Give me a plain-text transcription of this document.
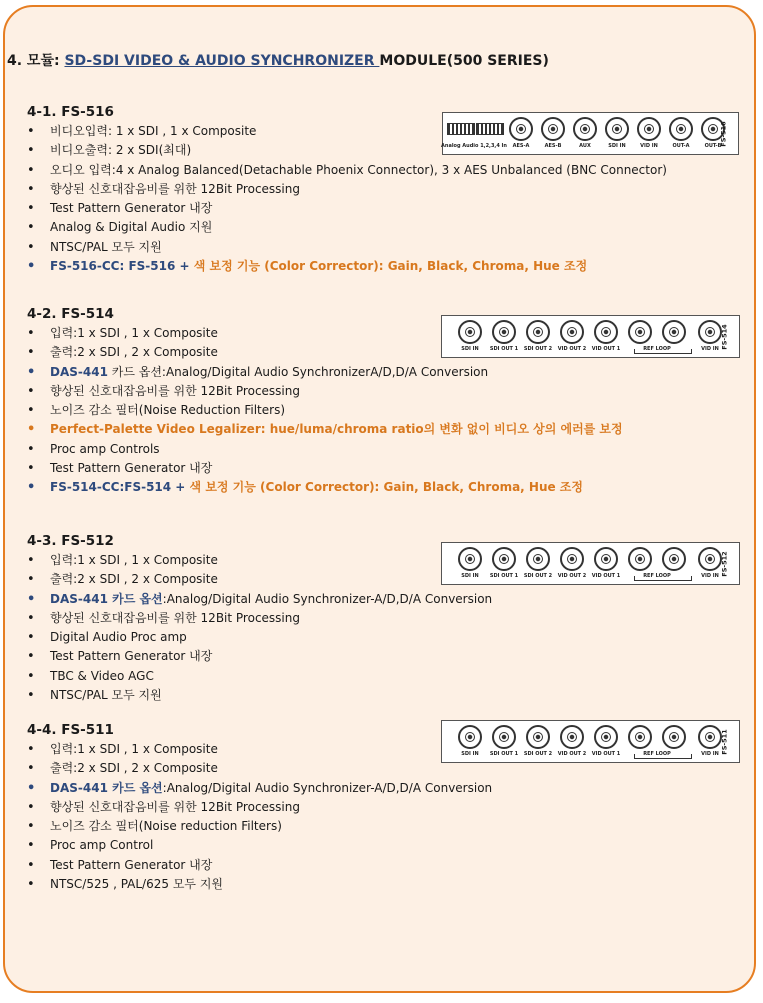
4. 모듈: SD-SDI VIDEO & AUDIO SYNCHRONIZER MODULE(500 SERIES)
4-1. FS-516
• 비디오입력: 1 x SDI , 1 x Composite
• 비디오출력: 2 x SDI(최대)
• 오디오 입력:4 x Analog Balanced(Detachable Phoenix Connector), 3 x AES Unbalanced (BNC Connector)
• 향상된 신호대잡음비를 위한 12Bit Processing
• Test Pattern Generator 내장
• Analog & Digital Audio 지원
• NTSC/PAL 모두 지원
• FS-516-CC: FS-516 + 색 보정 기능 (Color Corrector): Gain, Black, Chroma, Hue 조정
Analog Audio 1,2,3,4 In AES-A	AES-B	AUX	SDI IN	VID IN	OUT-A	OUT-B
FS-516
4-2. FS-514
• 입력:1 x SDI , 1 x Composite
• 출력:2 x SDI , 2 x Composite
• DAS-441 카드 옵션:Analog/Digital Audio SynchronizerA/D,D/A Conversion
• 향상된 신호대잡음비를 위한 12Bit Processing
• 노이즈 감소 필터(Noise Reduction Filters)
• Perfect-Palette Video Legalizer: hue/luma/chroma ratio의 변화 없이 비디오 상의 에러를 보정
• Proc amp Controls
• Test Pattern Generator 내장
• FS-514-CC:FS-514 + 색 보정 기능 (Color Corrector): Gain, Black, Chroma, Hue 조정
SDI IN SDI OUT 1 SDI OUT 2 VID OUT 2 VID OUT 1	REF LOOP	VID IN FS-514
4-3. FS-512
• 입력:1 x SDI , 1 x Composite
• 출력:2 x SDI , 2 x Composite
• DAS-441 카드 옵션:Analog/Digital Audio Synchronizer-A/D,D/A Conversion
• 향상된 신호대잡음비를 위한 12Bit Processing
• Digital Audio Proc amp
• Test Pattern Generator 내장
• TBC & Video AGC
• NTSC/PAL 모두 지원
SDI IN SDI OUT 1 SDI OUT 2 VID OUT 2 VID OUT 1	REF LOOP	VID IN FS-512
4-4. FS-511
• 입력:1 x SDI , 1 x Composite
• 출력:2 x SDI , 2 x Composite
• DAS-441 카드 옵션:Analog/Digital Audio Synchronizer-A/D,D/A Conversion
• 향상된 신호대잡음비를 위한 12Bit Processing
• 노이즈 감소 필터(Noise reduction Filters)
• Proc amp Control
• Test Pattern Generator 내장
• NTSC/525 , PAL/625 모두 지원
SDI IN SDI OUT 1 SDI OUT 2 VID OUT 2 VID OUT 1	REF LOOP	VID IN FS-511
